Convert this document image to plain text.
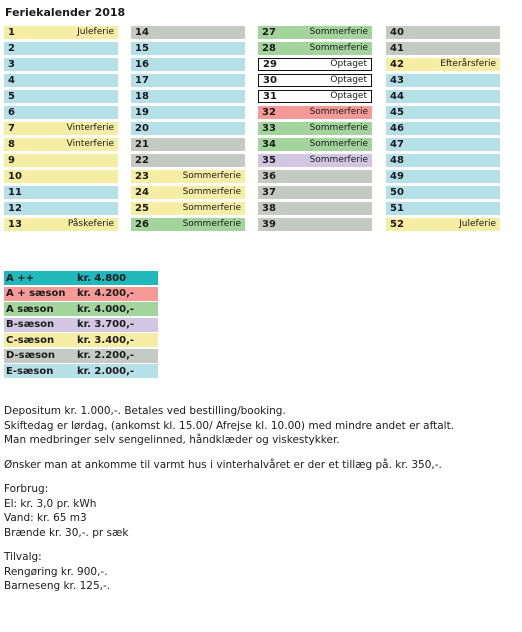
Feriekalender 2018
1	Juleferie
2
3
4
5
6
7	Vinterferie
8	Vinterferie
9
10
11
12
13	Påskeferie
14
15
16
17
18
19
20
21
22
23	Sommerferie
24	Sommerferie
25	Sommerferie
26	Sommerferie
27	Sommerferie
28	Sommerferie
29	Optaget
30	Optaget
31	Optaget
32	Sommerferie
33	Sommerferie
34	Sommerferie
35	Sommerferie
36
37
38
39
40
41
42	Efterårsferie
43
44
45
46
47
48
49
50
51
52	Juleferie
A ++	kr. 4.800
A + sæson	kr. 4.200,-
A sæson	kr. 4.000,-
B-sæson	kr. 3.700,-
C-sæson	kr. 3.400,-
D-sæson	kr. 2.200,-
E-sæson	kr. 2.000,-
Depositum kr. 1.000,-. Betales ved bestilling/booking.
Skiftedag er lørdag, (ankomst kl. 15.00/ Afrejse kl. 10.00) med mindre andet er aftalt.
Man medbringer selv sengelinned, håndklæder og viskestykker.
Ønsker man at ankomme til varmt hus i vinterhalvåret er der et tillæg på. kr. 350,-.
Forbrug:
El: kr. 3,0 pr. kWh
Vand: kr. 65 m3
Brænde kr. 30,-. pr sæk
Tilvalg:
Rengøring kr. 900,-.
Barneseng kr. 125,-.
